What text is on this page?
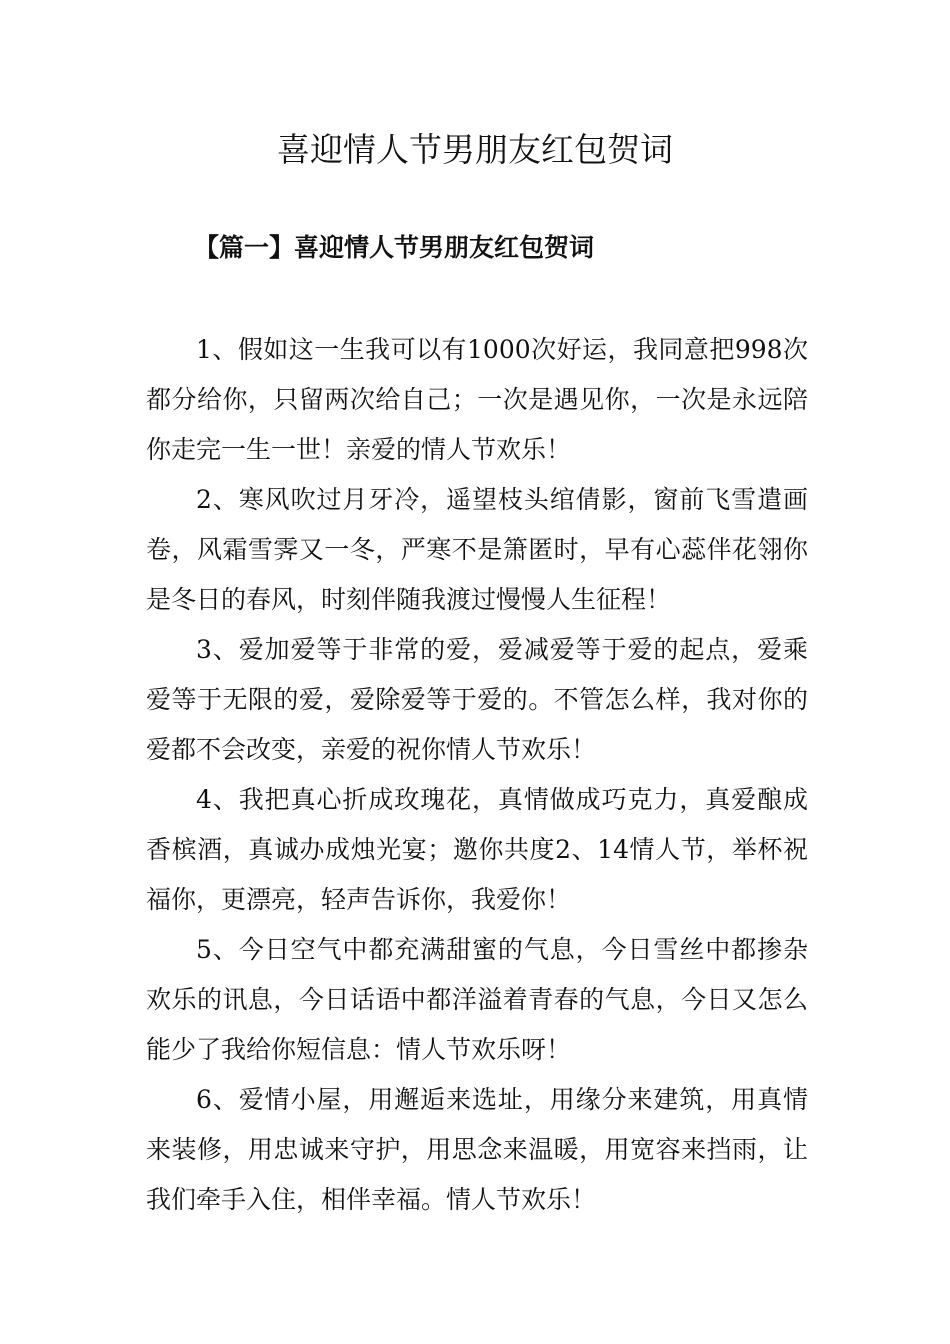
喜迎情人节男朋友红包贺词
【篇一】喜迎情人节男朋友红包贺词

1、假如这一生我可以有1000次好运，我同意把998次都分给你，只留两次给自己；一次是遇见你，一次是永远陪你走完一生一世！亲爱的情人节欢乐！

2、寒风吹过月牙冷，遥望枝头绾倩影，窗前飞雪遣画卷，风霜雪霁又一冬，严寒不是箫匿时，早有心蕊伴花翎你是冬日的春风，时刻伴随我渡过慢慢人生征程！

3、爱加爱等于非常的爱，爱减爱等于爱的起点，爱乘爱等于无限的爱，爱除爱等于爱的。不管怎么样，我对你的爱都不会改变，亲爱的祝你情人节欢乐！

4、我把真心折成玫瑰花，真情做成巧克力，真爱酿成香槟酒，真诚办成烛光宴；邀你共度2、14情人节，举杯祝福你，更漂亮，轻声告诉你，我爱你！

5、今日空气中都充满甜蜜的气息，今日雪丝中都掺杂欢乐的讯息，今日话语中都洋溢着青春的气息，今日又怎么能少了我给你短信息：情人节欢乐呀！

6、爱情小屋，用邂逅来选址，用缘分来建筑，用真情来装修，用忠诚来守护，用思念来温暖，用宽容来挡雨，让我们牵手入住，相伴幸福。情人节欢乐！
